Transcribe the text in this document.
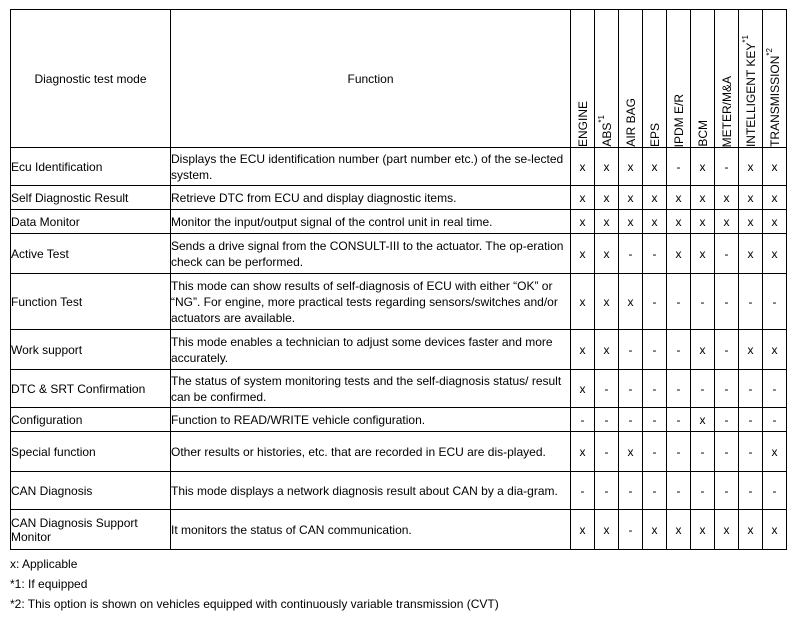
Diagnostic test mode	Function	ENGINE	ABS$^{*1}$	AIR BAG	EPS	IPDM E/R	BCM	METER/M&A	INTELLIGENT KEY$^{*1}$	TRANSMISSION$^{*2}$

Ecu Identification	Displays the ECU identification number (part number etc.) of the se-lected system.	x	x	x	x	-	x	-	x	x
Self Diagnostic Result	Retrieve DTC from ECU and display diagnostic items.	x	x	x	x	x	x	x	x	x
Data Monitor	Monitor the input/output signal of the control unit in real time.	x	x	x	x	x	x	x	x	x
Active Test	Sends a drive signal from the CONSULT-III to the actuator. The op-eration check can be performed.	x	x	-	-	x	x	-	x	x
Function Test	This mode can show results of self-diagnosis of ECU with either “OK” or “NG”. For engine, more practical tests regarding sensors/switches and/or actuators are available.	x	x	x	-	-	-	-	-	-
Work support	This mode enables a technician to adjust some devices faster and more accurately.	x	x	-	-	-	x	-	x	x
DTC & SRT Confirmation	The status of system monitoring tests and the self-diagnosis status/ result can be confirmed.	x	-	-	-	-	-	-	-	-
Configuration	Function to READ/WRITE vehicle configuration.	-	-	-	-	-	x	-	-	-
Special function	Other results or histories, etc. that are recorded in ECU are dis-played.	x	-	x	-	-	-	-	-	x
CAN Diagnosis	This mode displays a network diagnosis result about CAN by a dia-gram.	-	-	-	-	-	-	-	-	-
CAN Diagnosis Support Monitor	It monitors the status of CAN communication.	x	x	-	x	x	x	x	x	x
x: Applicable
*1: If equipped
*2: This option is shown on vehicles equipped with continuously variable transmission (CVT)
